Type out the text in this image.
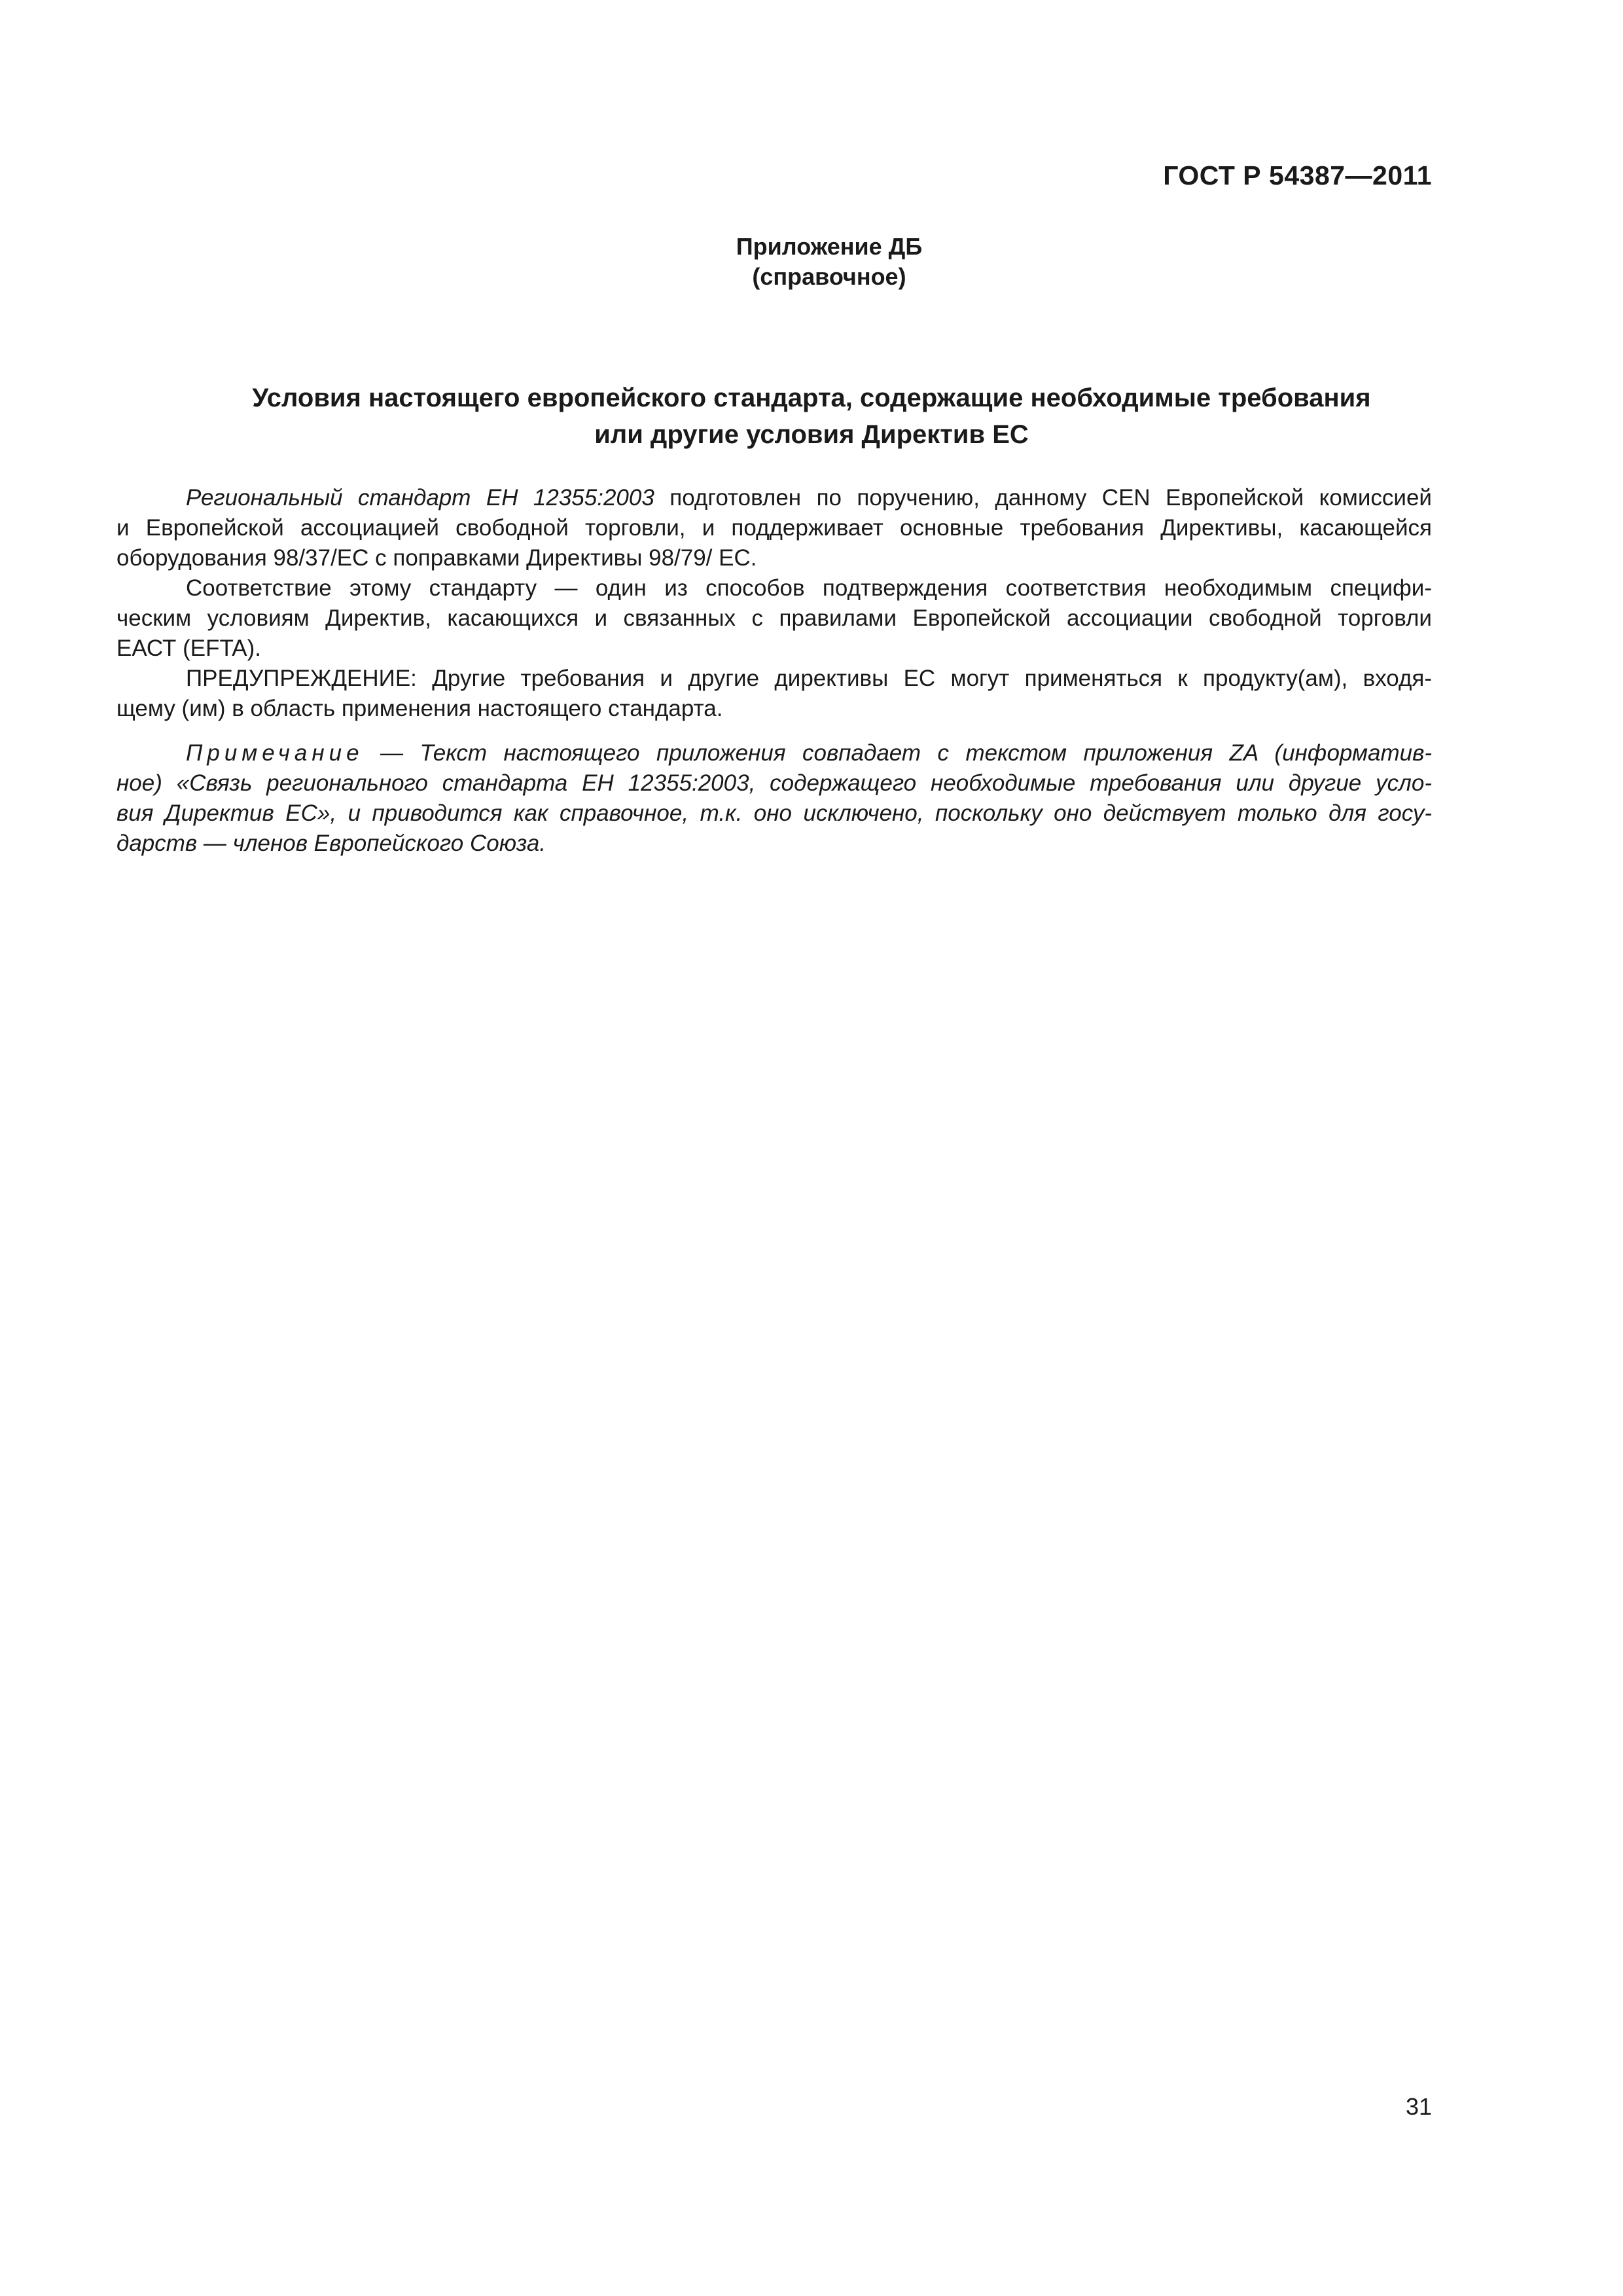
ГОСТ Р 54387—2011
Приложение ДБ
(справочное)
Условия настоящего европейского стандарта, содержащие необходимые требования
или другие условия Директив ЕС
Региональный стандарт ЕН 12355:2003 подготовлен по поручению, данному CEN Европейской комиссией
и Европейской ассоциацией свободной торговли, и поддерживает основные требования Директивы, касающейся
оборудования 98/37/ЕС с поправками Директивы 98/79/ ЕС.
Соответствие этому стандарту — один из способов подтверждения соответствия необходимым специфи-
ческим условиям Директив, касающихся и связанных с правилами Европейской ассоциации свободной торговли
ЕАСТ (EFTA).
ПРЕДУПРЕЖДЕНИЕ: Другие требования и другие директивы ЕС могут применяться к продукту(ам), входя-
щему (им) в область применения настоящего стандарта.
Примечание — Текст настоящего приложения совпадает с текстом приложения ZA (информатив-
ное) «Связь регионального стандарта ЕН 12355:2003, содержащего необходимые требования или другие усло-
вия Директив ЕС», и приводится как справочное, т.к. оно исключено, поскольку оно действует только для госу-
дарств — членов Европейского Союза.
31
